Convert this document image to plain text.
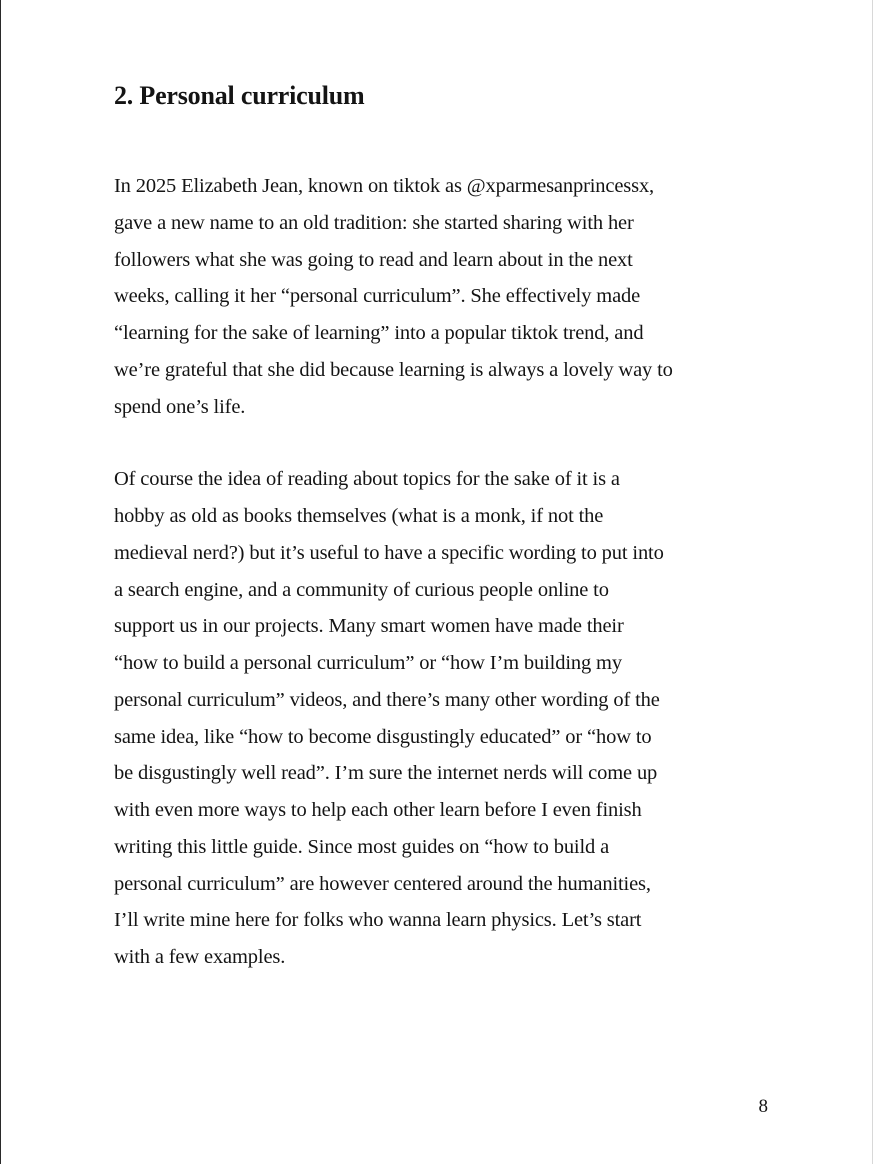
2. Personal curriculum

In 2025 Elizabeth Jean, known on tiktok as @xparmesanprincessx,
gave a new name to an old tradition: she started sharing with her
followers what she was going to read and learn about in the next
weeks, calling it her “personal curriculum”. She effectively made
“learning for the sake of learning” into a popular tiktok trend, and
we’re grateful that she did because learning is always a lovely way to
spend one’s life.

Of course the idea of reading about topics for the sake of it is a
hobby as old as books themselves (what is a monk, if not the
medieval nerd?) but it’s useful to have a specific wording to put into
a search engine, and a community of curious people online to
support us in our projects. Many smart women have made their
“how to build a personal curriculum” or “how I’m building my
personal curriculum” videos, and there’s many other wording of the
same idea, like “how to become disgustingly educated” or “how to
be disgustingly well read”. I’m sure the internet nerds will come up
with even more ways to help each other learn before I even finish
writing this little guide. Since most guides on “how to build a
personal curriculum” are however centered around the humanities,
I’ll write mine here for folks who wanna learn physics. Let’s start
with a few examples.

8
